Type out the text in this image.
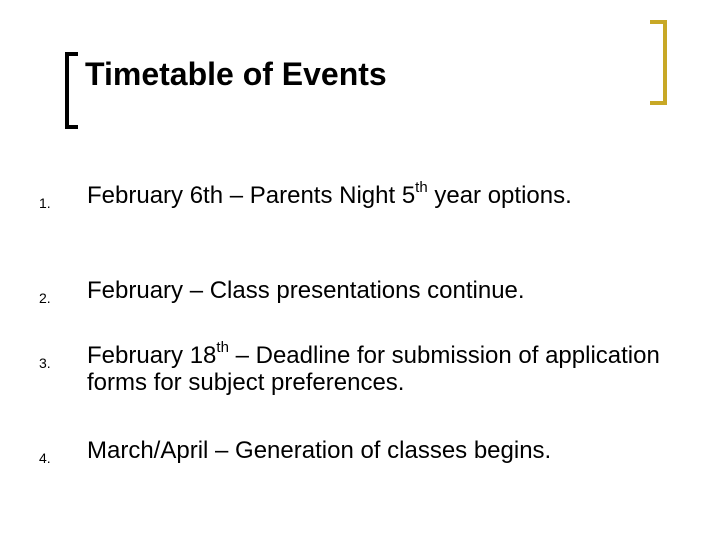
Timetable of Events
1. February 6th – Parents Night 5th year options.
2. February – Class presentations continue.
3. February 18th – Deadline for submission of application forms for subject preferences.
4. March/April – Generation of classes begins.
